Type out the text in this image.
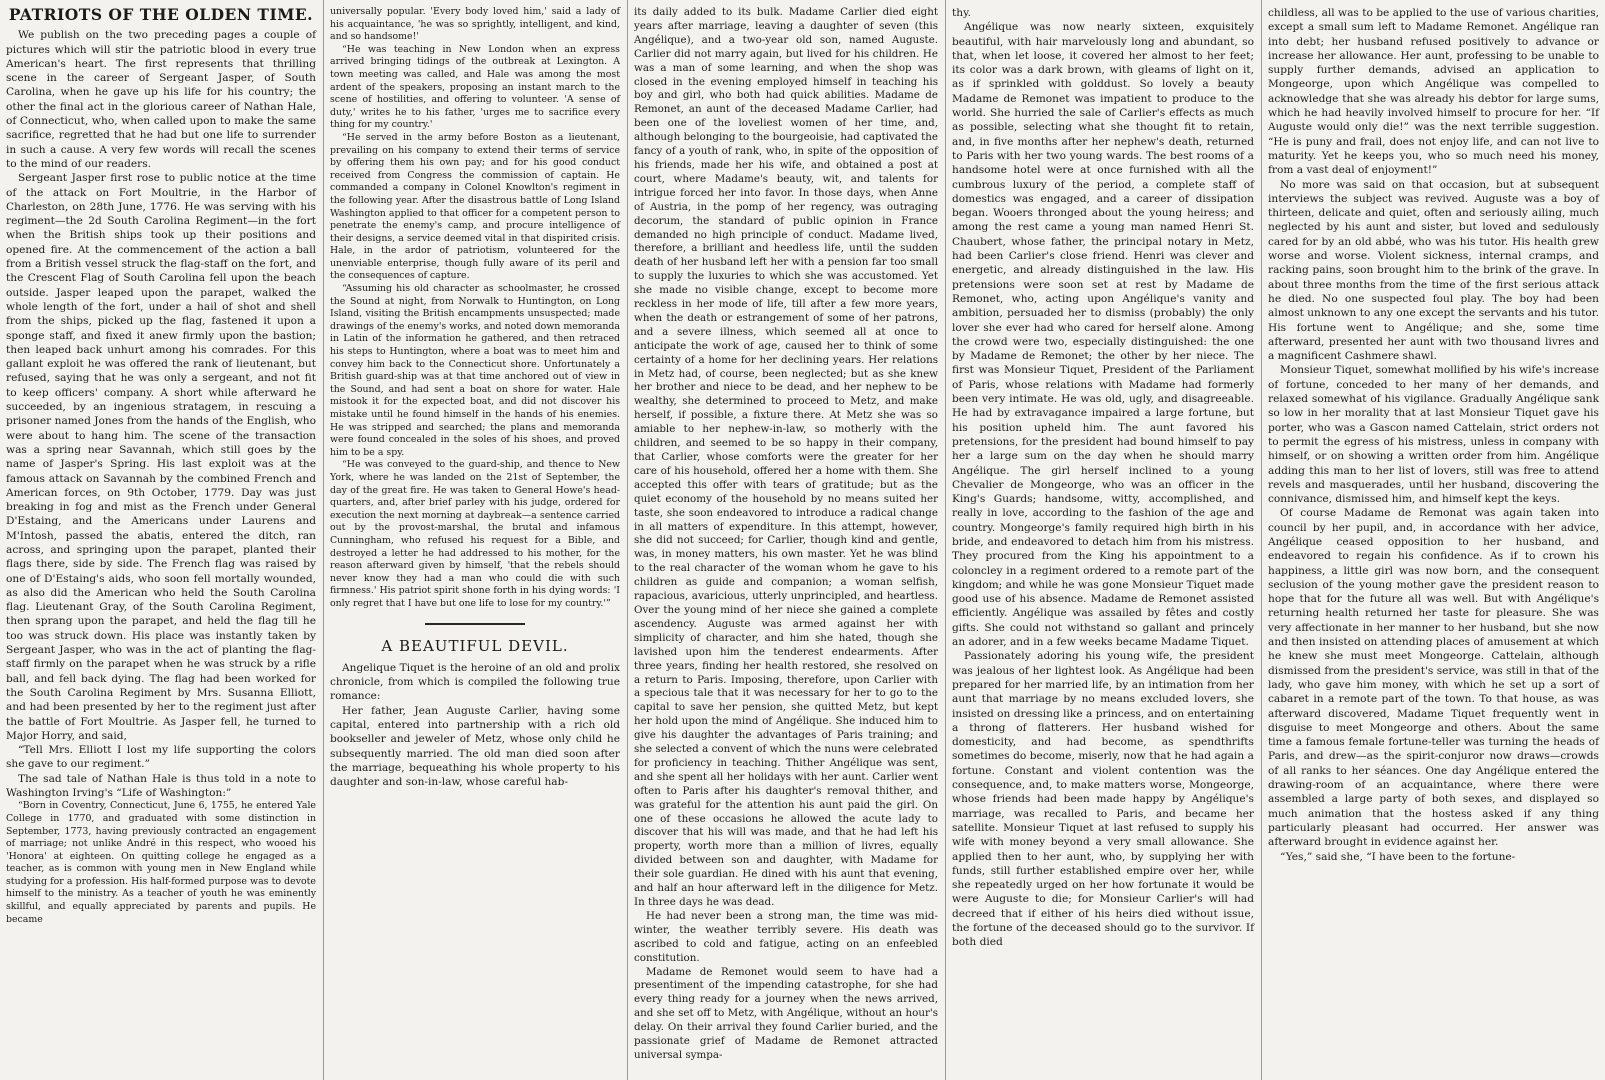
PATRIOTS OF THE OLDEN TIME.

We publish on the two preceding pages a couple of pictures which will stir the patriotic blood in every true American's heart. The first represents that thrilling scene in the career of Sergeant Jasper, of South Carolina, when he gave up his life for his country; the other the final act in the glorious career of Nathan Hale, of Connecticut, who, when called upon to make the same sacrifice, regretted that he had but one life to surrender in such a cause. A very few words will recall the scenes to the mind of our readers.

Sergeant Jasper first rose to public notice at the time of the attack on Fort Moultrie, in the Harbor of Charleston, on 28th June, 1776. He was serving with his regiment—the 2d South Carolina Regiment—in the fort when the British ships took up their positions and opened fire. At the commencement of the action a ball from a British vessel struck the flag-staff on the fort, and the Crescent Flag of South Carolina fell upon the beach outside. Jasper leaped upon the parapet, walked the whole length of the fort, under a hail of shot and shell from the ships, picked up the flag, fastened it upon a sponge staff, and fixed it anew firmly upon the bastion; then leaped back unhurt among his comrades. For this gallant exploit he was offered the rank of lieutenant, but refused, saying that he was only a sergeant, and not fit to keep officers' company. A short while afterward he succeeded, by an ingenious stratagem, in rescuing a prisoner named Jones from the hands of the English, who were about to hang him. The scene of the transaction was a spring near Savannah, which still goes by the name of Jasper's Spring. His last exploit was at the famous attack on Savannah by the combined French and American forces, on 9th October, 1779. Day was just breaking in fog and mist as the French under General D'Estaing, and the Americans under Laurens and M'Intosh, passed the abatis, entered the ditch, ran across, and springing upon the parapet, planted their flags there, side by side. The French flag was raised by one of D'Estaing's aids, who soon fell mortally wounded, as also did the American who held the South Carolina flag. Lieutenant Gray, of the South Carolina Regiment, then sprang upon the parapet, and held the flag till he too was struck down. His place was instantly taken by Sergeant Jasper, who was in the act of planting the flag-staff firmly on the parapet when he was struck by a rifle ball, and fell back dying. The flag had been worked for the South Carolina Regiment by Mrs. Susanna Elliott, and had been presented by her to the regiment just after the battle of Fort Moultrie. As Jasper fell, he turned to Major Horry, and said,

“Tell Mrs. Elliott I lost my life supporting the colors she gave to our regiment.”

The sad tale of Nathan Hale is thus told in a note to Washington Irving's “Life of Washington:”

“Born in Coventry, Connecticut, June 6, 1755, he entered Yale College in 1770, and graduated with some distinction in September, 1773, having previously contracted an engagement of marriage; not unlike André in this respect, who wooed his 'Honora' at eighteen. On quitting college he engaged as a teacher, as is common with young men in New England while studying for a profession. His half-formed purpose was to devote himself to the ministry. As a teacher of youth he was eminently skillful, and equally appreciated by parents and pupils. He became

universally popular. 'Every body loved him,' said a lady of his acquaintance, 'he was so sprightly, intelligent, and kind, and so handsome!'

“He was teaching in New London when an express arrived bringing tidings of the outbreak at Lexington. A town meeting was called, and Hale was among the most ardent of the speakers, proposing an instant march to the scene of hostilities, and offering to volunteer. 'A sense of duty,' writes he to his father, 'urges me to sacrifice every thing for my country.'

“He served in the army before Boston as a lieutenant, prevailing on his company to extend their terms of service by offering them his own pay; and for his good conduct received from Congress the commission of captain. He commanded a company in Colonel Knowlton's regiment in the following year. After the disastrous battle of Long Island Washington applied to that officer for a competent person to penetrate the enemy's camp, and procure intelligence of their designs, a service deemed vital in that dispirited crisis. Hale, in the ardor of patriotism, volunteered for the unenviable enterprise, though fully aware of its peril and the consequences of capture.

“Assuming his old character as schoolmaster, he crossed the Sound at night, from Norwalk to Huntington, on Long Island, visiting the British encampments unsuspected; made drawings of the enemy's works, and noted down memoranda in Latin of the information he gathered, and then retraced his steps to Huntington, where a boat was to meet him and convey him back to the Connecticut shore. Unfortunately a British guard-ship was at that time anchored out of view in the Sound, and had sent a boat on shore for water. Hale mistook it for the expected boat, and did not discover his mistake until he found himself in the hands of his enemies. He was stripped and searched; the plans and memoranda were found concealed in the soles of his shoes, and proved him to be a spy.

“He was conveyed to the guard-ship, and thence to New York, where he was landed on the 21st of September, the day of the great fire. He was taken to General Howe's head-quarters, and, after brief parley with his judge, ordered for execution the next morning at daybreak—a sentence carried out by the provost-marshal, the brutal and infamous Cunningham, who refused his request for a Bible, and destroyed a letter he had addressed to his mother, for the reason afterward given by himself, 'that the rebels should never know they had a man who could die with such firmness.' His patriot spirit shone forth in his dying words: 'I only regret that I have but one life to lose for my country.'”

A BEAUTIFUL DEVIL.

Angelique Tiquet is the heroine of an old and prolix chronicle, from which is compiled the following true romance:

Her father, Jean Auguste Carlier, having some capital, entered into partnership with a rich old bookseller and jeweler of Metz, whose only child he subsequently married. The old man died soon after the marriage, bequeathing his whole property to his daughter and son-in-law, whose careful hab-

its daily added to its bulk. Madame Carlier died eight years after marriage, leaving a daughter of seven (this Angélique), and a two-year old son, named Auguste. Carlier did not marry again, but lived for his children. He was a man of some learning, and when the shop was closed in the evening employed himself in teaching his boy and girl, who both had quick abilities. Madame de Remonet, an aunt of the deceased Madame Carlier, had been one of the loveliest women of her time, and, although belonging to the bourgeoisie, had captivated the fancy of a youth of rank, who, in spite of the opposition of his friends, made her his wife, and obtained a post at court, where Madame's beauty, wit, and talents for intrigue forced her into favor. In those days, when Anne of Austria, in the pomp of her regency, was outraging decorum, the standard of public opinion in France demanded no high principle of conduct. Madame lived, therefore, a brilliant and heedless life, until the sudden death of her husband left her with a pension far too small to supply the luxuries to which she was accustomed. Yet she made no visible change, except to become more reckless in her mode of life, till after a few more years, when the death or estrangement of some of her patrons, and a severe illness, which seemed all at once to anticipate the work of age, caused her to think of some certainty of a home for her declining years. Her relations in Metz had, of course, been neglected; but as she knew her brother and niece to be dead, and her nephew to be wealthy, she determined to proceed to Metz, and make herself, if possible, a fixture there. At Metz she was so amiable to her nephew-in-law, so motherly with the children, and seemed to be so happy in their company, that Carlier, whose comforts were the greater for her care of his household, offered her a home with them. She accepted this offer with tears of gratitude; but as the quiet economy of the household by no means suited her taste, she soon endeavored to introduce a radical change in all matters of expenditure. In this attempt, however, she did not succeed; for Carlier, though kind and gentle, was, in money matters, his own master. Yet he was blind to the real character of the woman whom he gave to his children as guide and companion; a woman selfish, rapacious, avaricious, utterly unprincipled, and heartless. Over the young mind of her niece she gained a complete ascendency. Auguste was armed against her with simplicity of character, and him she hated, though she lavished upon him the tenderest endearments. After three years, finding her health restored, she resolved on a return to Paris. Imposing, therefore, upon Carlier with a specious tale that it was necessary for her to go to the capital to save her pension, she quitted Metz, but kept her hold upon the mind of Angélique. She induced him to give his daughter the advantages of Paris training; and she selected a convent of which the nuns were celebrated for proficiency in teaching. Thither Angélique was sent, and she spent all her holidays with her aunt. Carlier went often to Paris after his daughter's removal thither, and was grateful for the attention his aunt paid the girl. On one of these occasions he allowed the acute lady to discover that his will was made, and that he had left his property, worth more than a million of livres, equally divided between son and daughter, with Madame for their sole guardian. He dined with his aunt that evening, and half an hour afterward left in the diligence for Metz. In three days he was dead.

He had never been a strong man, the time was mid-winter, the weather terribly severe. His death was ascribed to cold and fatigue, acting on an enfeebled constitution.

Madame de Remonet would seem to have had a presentiment of the impending catastrophe, for she had every thing ready for a journey when the news arrived, and she set off to Metz, with Angélique, without an hour's delay. On their arrival they found Carlier buried, and the passionate grief of Madame de Remonet attracted universal sympa-

thy.

Angélique was now nearly sixteen, exquisitely beautiful, with hair marvelously long and abundant, so that, when let loose, it covered her almost to her feet; its color was a dark brown, with gleams of light on it, as if sprinkled with golddust. So lovely a beauty Madame de Remonet was impatient to produce to the world. She hurried the sale of Carlier's effects as much as possible, selecting what she thought fit to retain, and, in five months after her nephew's death, returned to Paris with her two young wards. The best rooms of a handsome hotel were at once furnished with all the cumbrous luxury of the period, a complete staff of domestics was engaged, and a career of dissipation began. Wooers thronged about the young heiress; and among the rest came a young man named Henri St. Chaubert, whose father, the principal notary in Metz, had been Carlier's close friend. Henri was clever and energetic, and already distinguished in the law. His pretensions were soon set at rest by Madame de Remonet, who, acting upon Angélique's vanity and ambition, persuaded her to dismiss (probably) the only lover she ever had who cared for herself alone. Among the crowd were two, especially distinguished: the one by Madame de Remonet; the other by her niece. The first was Monsieur Tiquet, President of the Parliament of Paris, whose relations with Madame had formerly been very intimate. He was old, ugly, and disagreeable. He had by extravagance impaired a large fortune, but his position upheld him. The aunt favored his pretensions, for the president had bound himself to pay her a large sum on the day when he should marry Angélique. The girl herself inclined to a young Chevalier de Mongeorge, who was an officer in the King's Guards; handsome, witty, accomplished, and really in love, according to the fashion of the age and country. Mongeorge's family required high birth in his bride, and endeavored to detach him from his mistress. They procured from the King his appointment to a coloncley in a regiment ordered to a remote part of the kingdom; and while he was gone Monsieur Tiquet made good use of his absence. Madame de Remonet assisted efficiently. Angélique was assailed by fêtes and costly gifts. She could not withstand so gallant and princely an adorer, and in a few weeks became Madame Tiquet.

Passionately adoring his young wife, the president was jealous of her lightest look. As Angélique had been prepared for her married life, by an intimation from her aunt that marriage by no means excluded lovers, she insisted on dressing like a princess, and on entertaining a throng of flatterers. Her husband wished for domesticity, and had become, as spendthrifts sometimes do become, miserly, now that he had again a fortune. Constant and violent contention was the consequence, and, to make matters worse, Mongeorge, whose friends had been made happy by Angélique's marriage, was recalled to Paris, and became her satellite. Monsieur Tiquet at last refused to supply his wife with money beyond a very small allowance. She applied then to her aunt, who, by supplying her with funds, still further established empire over her, while she repeatedly urged on her how fortunate it would be were Auguste to die; for Monsieur Carlier's will had decreed that if either of his heirs died without issue, the fortune of the deceased should go to the survivor. If both died

childless, all was to be applied to the use of various charities, except a small sum left to Madame Remonet. Angélique ran into debt; her husband refused positively to advance or increase her allowance. Her aunt, professing to be unable to supply further demands, advised an application to Mongeorge, upon which Angélique was compelled to acknowledge that she was already his debtor for large sums, which he had heavily involved himself to procure for her. “If Auguste would only die!” was the next terrible suggestion. “He is puny and frail, does not enjoy life, and can not live to maturity. Yet he keeps you, who so much need his money, from a vast deal of enjoyment!”

No more was said on that occasion, but at subsequent interviews the subject was revived. Auguste was a boy of thirteen, delicate and quiet, often and seriously ailing, much neglected by his aunt and sister, but loved and sedulously cared for by an old abbé, who was his tutor. His health grew worse and worse. Violent sickness, internal cramps, and racking pains, soon brought him to the brink of the grave. In about three months from the time of the first serious attack he died. No one suspected foul play. The boy had been almost unknown to any one except the servants and his tutor. His fortune went to Angélique; and she, some time afterward, presented her aunt with two thousand livres and a magnificent Cashmere shawl.

Monsieur Tiquet, somewhat mollified by his wife's increase of fortune, conceded to her many of her demands, and relaxed somewhat of his vigilance. Gradually Angélique sank so low in her morality that at last Monsieur Tiquet gave his porter, who was a Gascon named Cattelain, strict orders not to permit the egress of his mistress, unless in company with himself, or on showing a written order from him. Angélique adding this man to her list of lovers, still was free to attend revels and masquerades, until her husband, discovering the connivance, dismissed him, and himself kept the keys.

Of course Madame de Remonat was again taken into council by her pupil, and, in accordance with her advice, Angélique ceased opposition to her husband, and endeavored to regain his confidence. As if to crown his happiness, a little girl was now born, and the consequent seclusion of the young mother gave the president reason to hope that for the future all was well. But with Angélique's returning health returned her taste for pleasure. She was very affectionate in her manner to her husband, but she now and then insisted on attending places of amusement at which he knew she must meet Mongeorge. Cattelain, although dismissed from the president's service, was still in that of the lady, who gave him money, with which he set up a sort of cabaret in a remote part of the town. To that house, as was afterward discovered, Madame Tiquet frequently went in disguise to meet Mongeorge and others. About the same time a famous female fortune-teller was turning the heads of Paris, and drew—as the spirit-conjuror now draws—crowds of all ranks to her séances. One day Angélique entered the drawing-room of an acquaintance, where there were assembled a large party of both sexes, and displayed so much animation that the hostess asked if any thing particularly pleasant had occurred. Her answer was afterward brought in evidence against her.

“Yes,” said she, “I have been to the fortune-
